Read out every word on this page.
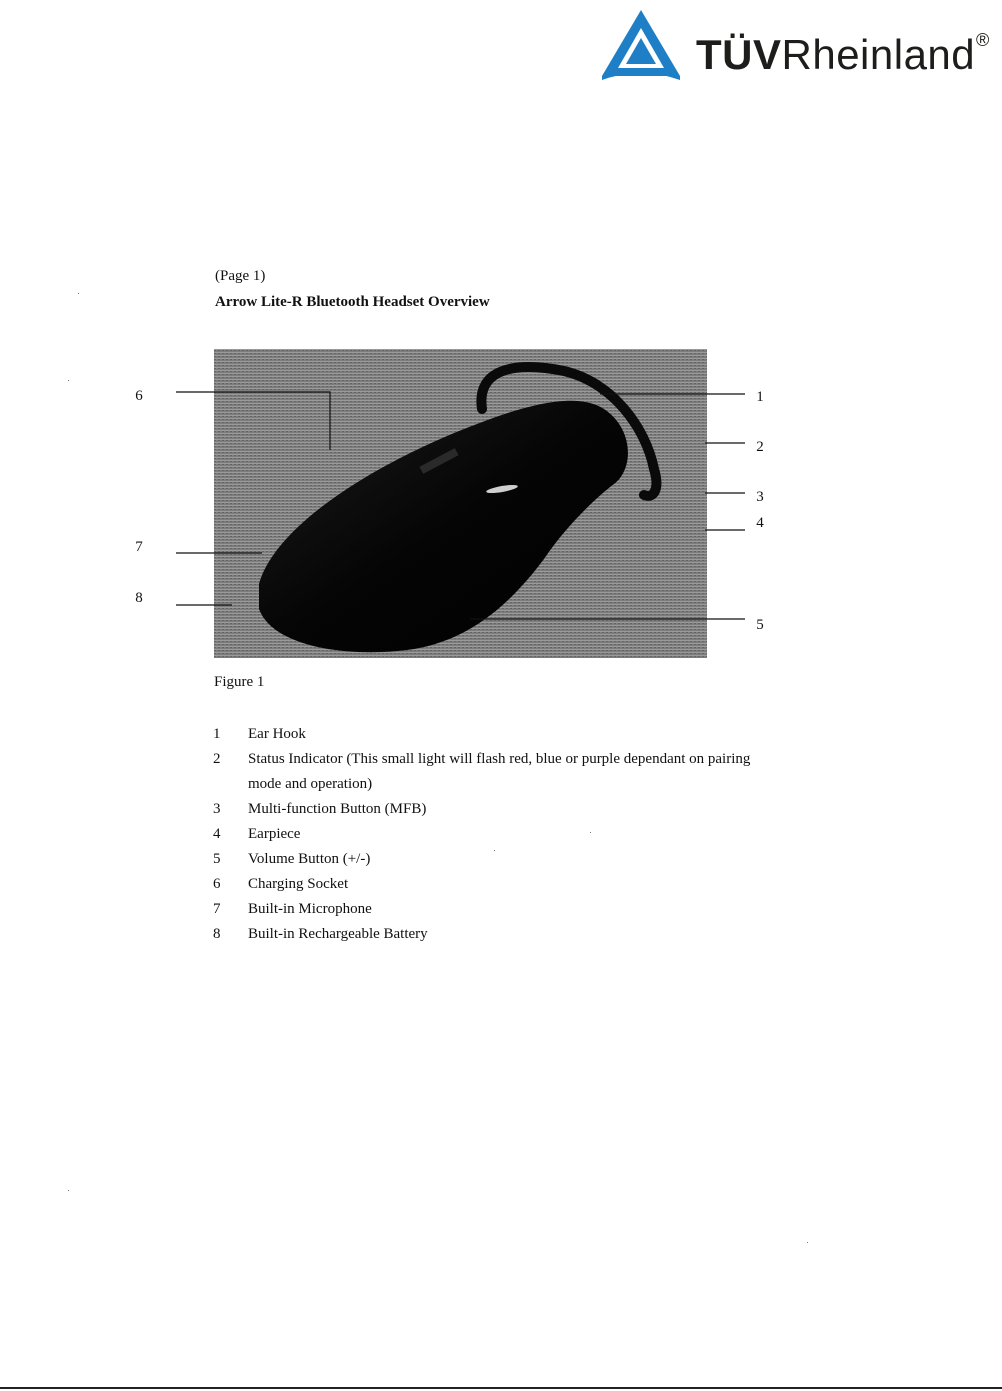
TÜVRheinland ®
(Page 1)
Arrow Lite-R Bluetooth Headset Overview
1
2
3
4
5
6
7
8
Figure 1
1	Ear Hook
2	Status Indicator (This small light will flash red, blue or purple dependant on pairing mode and operation)
3	Multi-function Button (MFB)
4	Earpiece
5	Volume Button (+/-)
6	Charging Socket
7	Built-in Microphone
8	Built-in Rechargeable Battery
